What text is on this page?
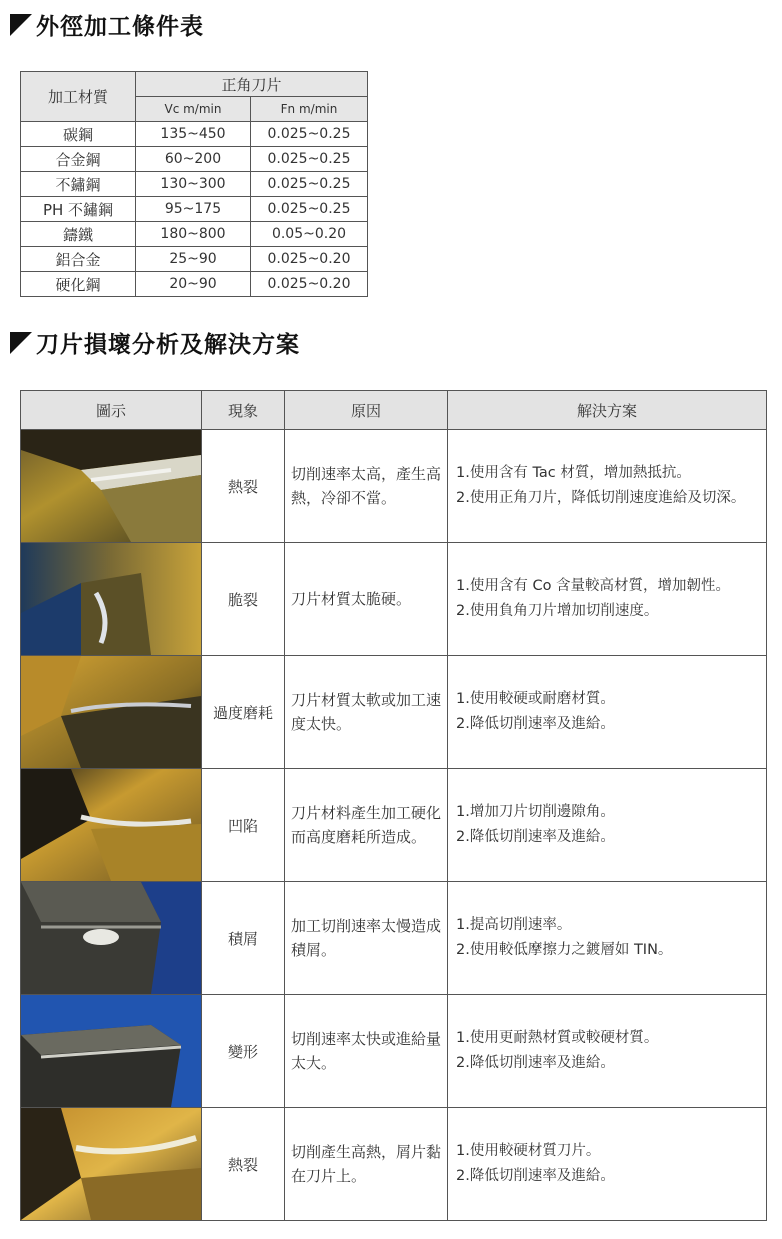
外徑加工條件表
加工材質	正角刀片	
	Vc m/min	Fn m/min
碳鋼	135~450	0.025~0.25
合金鋼	60~200	0.025~0.25
不鏽鋼	130~300	0.025~0.25
PH 不鏽鋼	95~175	0.025~0.25
鑄鐵	180~800	0.05~0.20
鋁合金	25~90	0.025~0.20
硬化鋼	20~90	0.025~0.20
刀片損壞分析及解決方案
圖示	現象	原因	解決方案

	熱裂	切削速率太高，產生高熱，冷卻不當。	1.使用含有 Tac 材質，增加熱抵抗。
2.使用正角刀片，降低切削速度進給及切深。

	脆裂	刀片材質太脆硬。	1.使用含有 Co 含量較高材質，增加韌性。
2.使用負角刀片增加切削速度。

	過度磨耗	刀片材質太軟或加工速度太快。	1.使用較硬或耐磨材質。
2.降低切削速率及進給。

	凹陷	刀片材料產生加工硬化而高度磨耗所造成。	1.增加刀片切削邊隙角。
2.降低切削速率及進給。

	積屑	加工切削速率太慢造成積屑。	1.提高切削速率。
2.使用較低摩擦力之鍍層如 TIN。

	變形	切削速率太快或進給量太大。	1.使用更耐熱材質或較硬材質。
2.降低切削速率及進給。

	熱裂	切削產生高熱，屑片黏在刀片上。	1.使用較硬材質刀片。
2.降低切削速率及進給。
